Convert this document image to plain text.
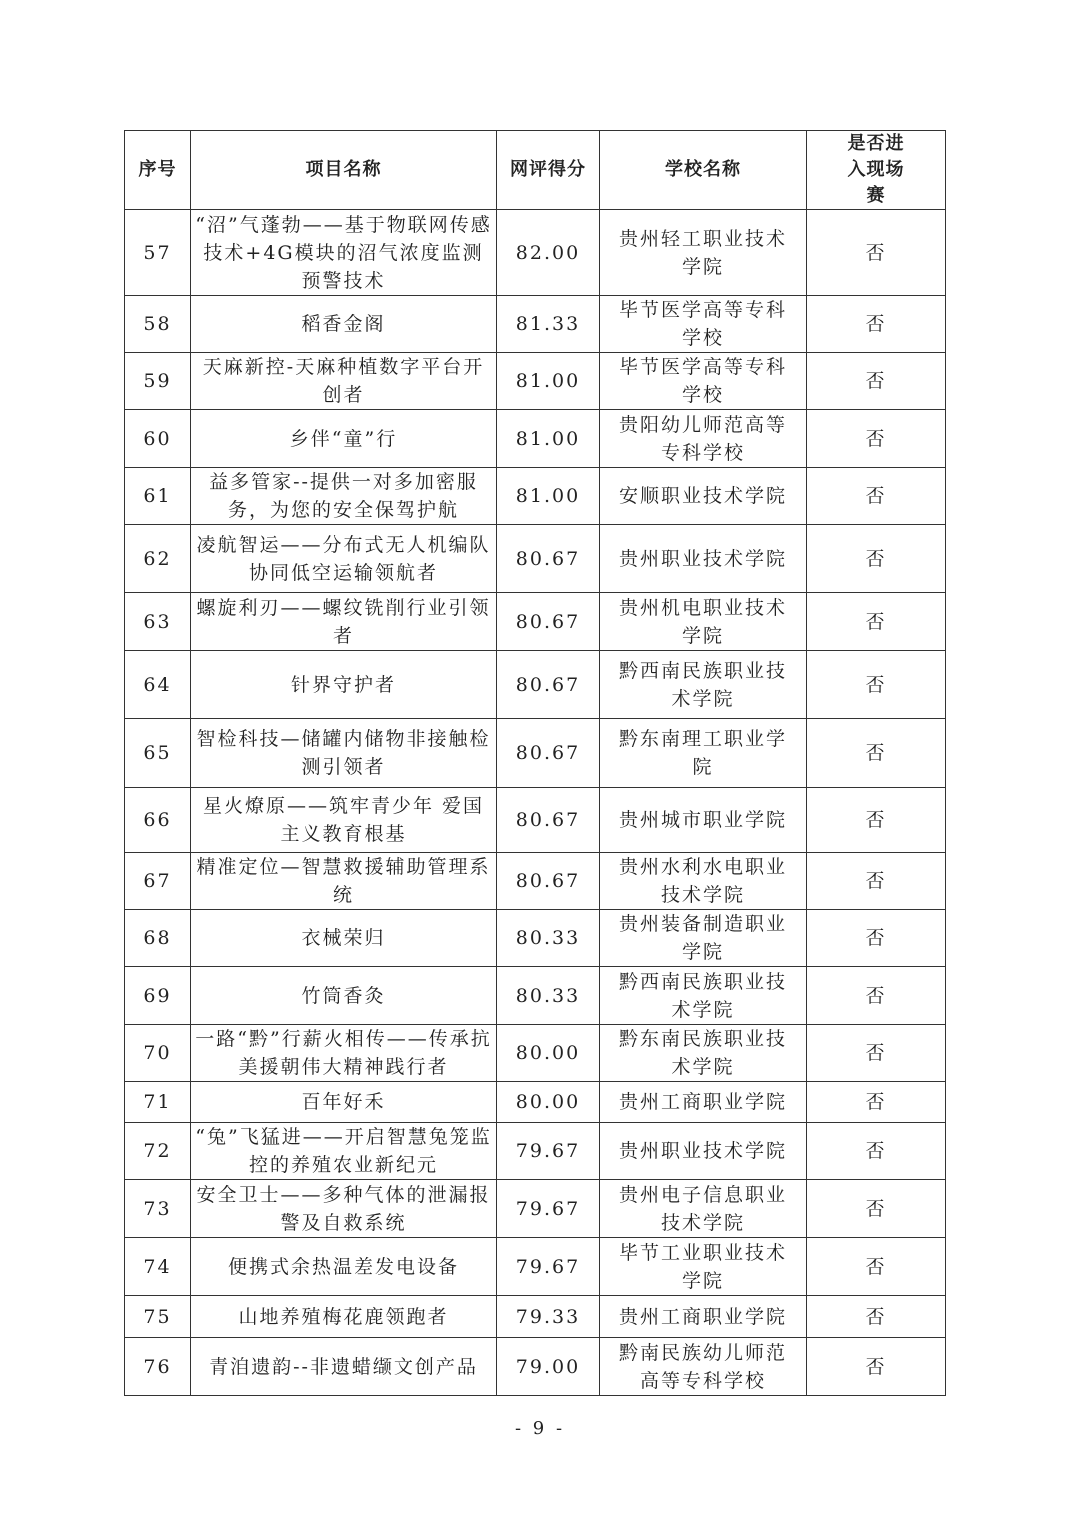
序号	项目名称	网评得分	学校名称	是否进入现场赛
57	“沼”气蓬勃——基于物联网传感技术+4G模块的沼气浓度监测预警技术	82.00	贵州轻工职业技术学院	否
58	稻香金阁	81.33	毕节医学高等专科学校	否
59	天麻新控-天麻种植数字平台开创者	81.00	毕节医学高等专科学校	否
60	乡伴“童”行	81.00	贵阳幼儿师范高等专科学校	否
61	益多管家--提供一对多加密服务，为您的安全保驾护航	81.00	安顺职业技术学院	否
62	凌航智运——分布式无人机编队协同低空运输领航者	80.67	贵州职业技术学院	否
63	螺旋利刃——螺纹铣削行业引领者	80.67	贵州机电职业技术学院	否
64	针界守护者	80.67	黔西南民族职业技术学院	否
65	智检科技—储罐内储物非接触检测引领者	80.67	黔东南理工职业学院	否
66	星火燎原——筑牢青少年 爱国主义教育根基	80.67	贵州城市职业学院	否
67	精准定位—智慧救援辅助管理系统	80.67	贵州水利水电职业技术学院	否
68	衣械荣归	80.33	贵州装备制造职业学院	否
69	竹筒香灸	80.33	黔西南民族职业技术学院	否
70	一路“黔”行薪火相传——传承抗美援朝伟大精神践行者	80.00	黔东南民族职业技术学院	否
71	百年好禾	80.00	贵州工商职业学院	否
72	“兔”飞猛进——开启智慧兔笼监控的养殖农业新纪元	79.67	贵州职业技术学院	否
73	安全卫士——多种气体的泄漏报警及自救系统	79.67	贵州电子信息职业技术学院	否
74	便携式余热温差发电设备	79.67	毕节工业职业技术学院	否
75	山地养殖梅花鹿领跑者	79.33	贵州工商职业学院	否
76	青洎遗韵--非遗蜡缬文创产品	79.00	黔南民族幼儿师范高等专科学校	否
- 9 -
